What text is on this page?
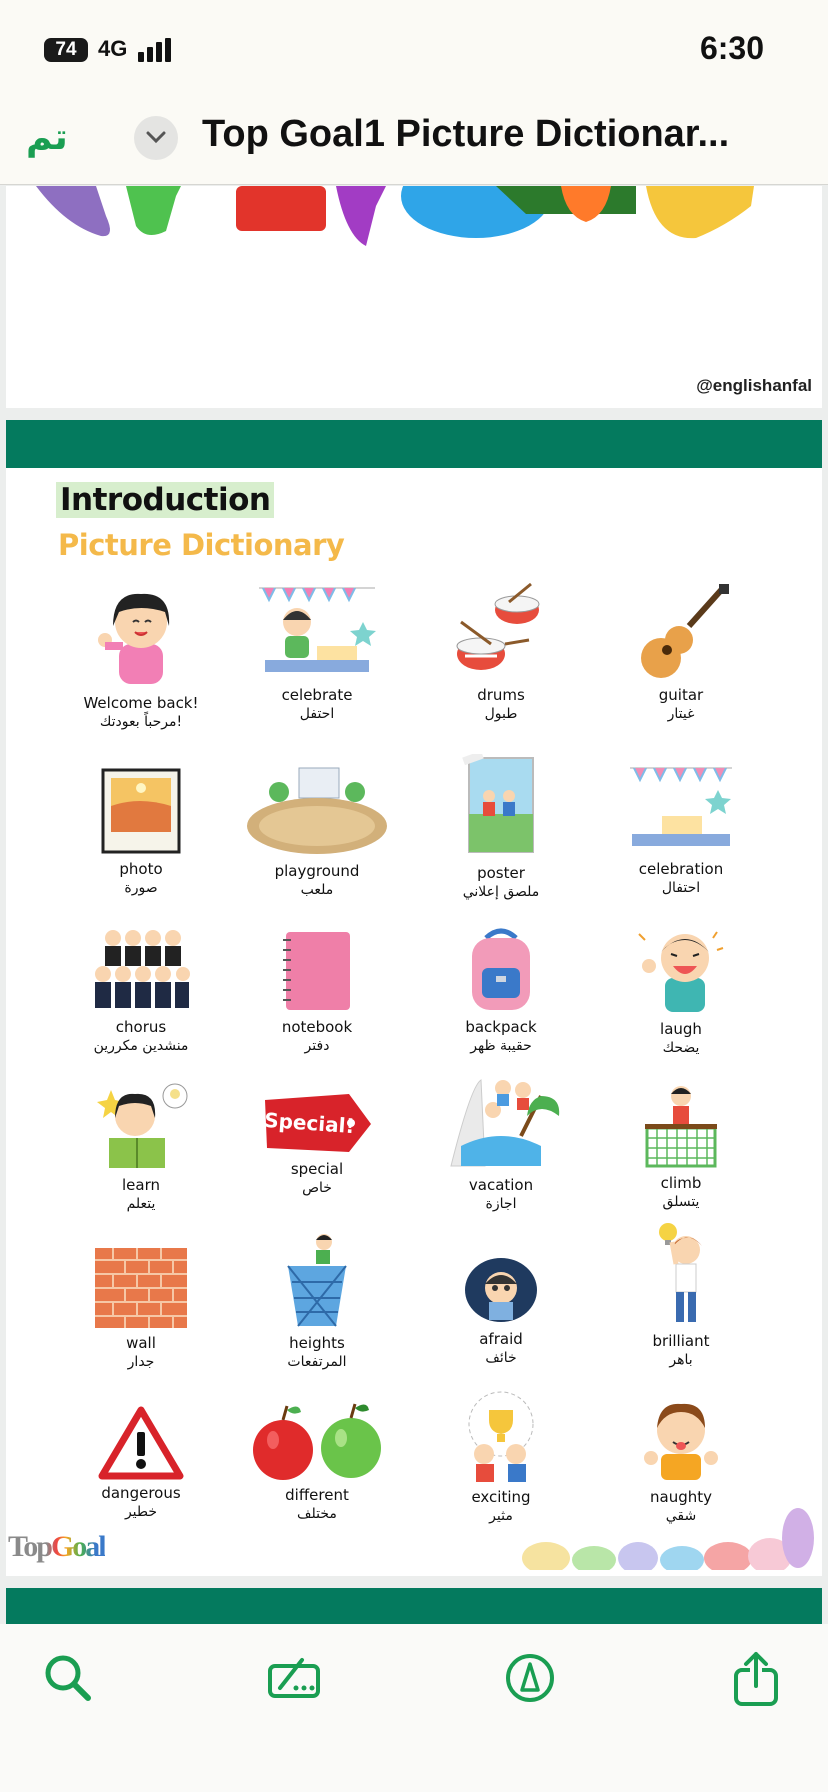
74 4G	6:30
تم	Top Goal1 Picture Dictionar...
@englishanfal
Introduction
Picture Dictionary
Welcome back!
مرحباً بعودتك!
celebrate
احتفل
drums
طبول
guitar
غيتار
photo
صورة
playground
ملعب
poster
ملصق إعلاني
celebration
احتفال
chorus
منشدين مكررين
notebook
دفتر
backpack
حقيبة ظهر
laugh
يضحك
learn
يتعلم
Special!
special
خاص	vacation
اجازة
climb
يتسلق
wall
جدار
heights
المرتفعات
afraid
خائف
brilliant
باهر
dangerous
خطير
different
مختلف
exciting
مثير
naughty
شقي
TopGoal
